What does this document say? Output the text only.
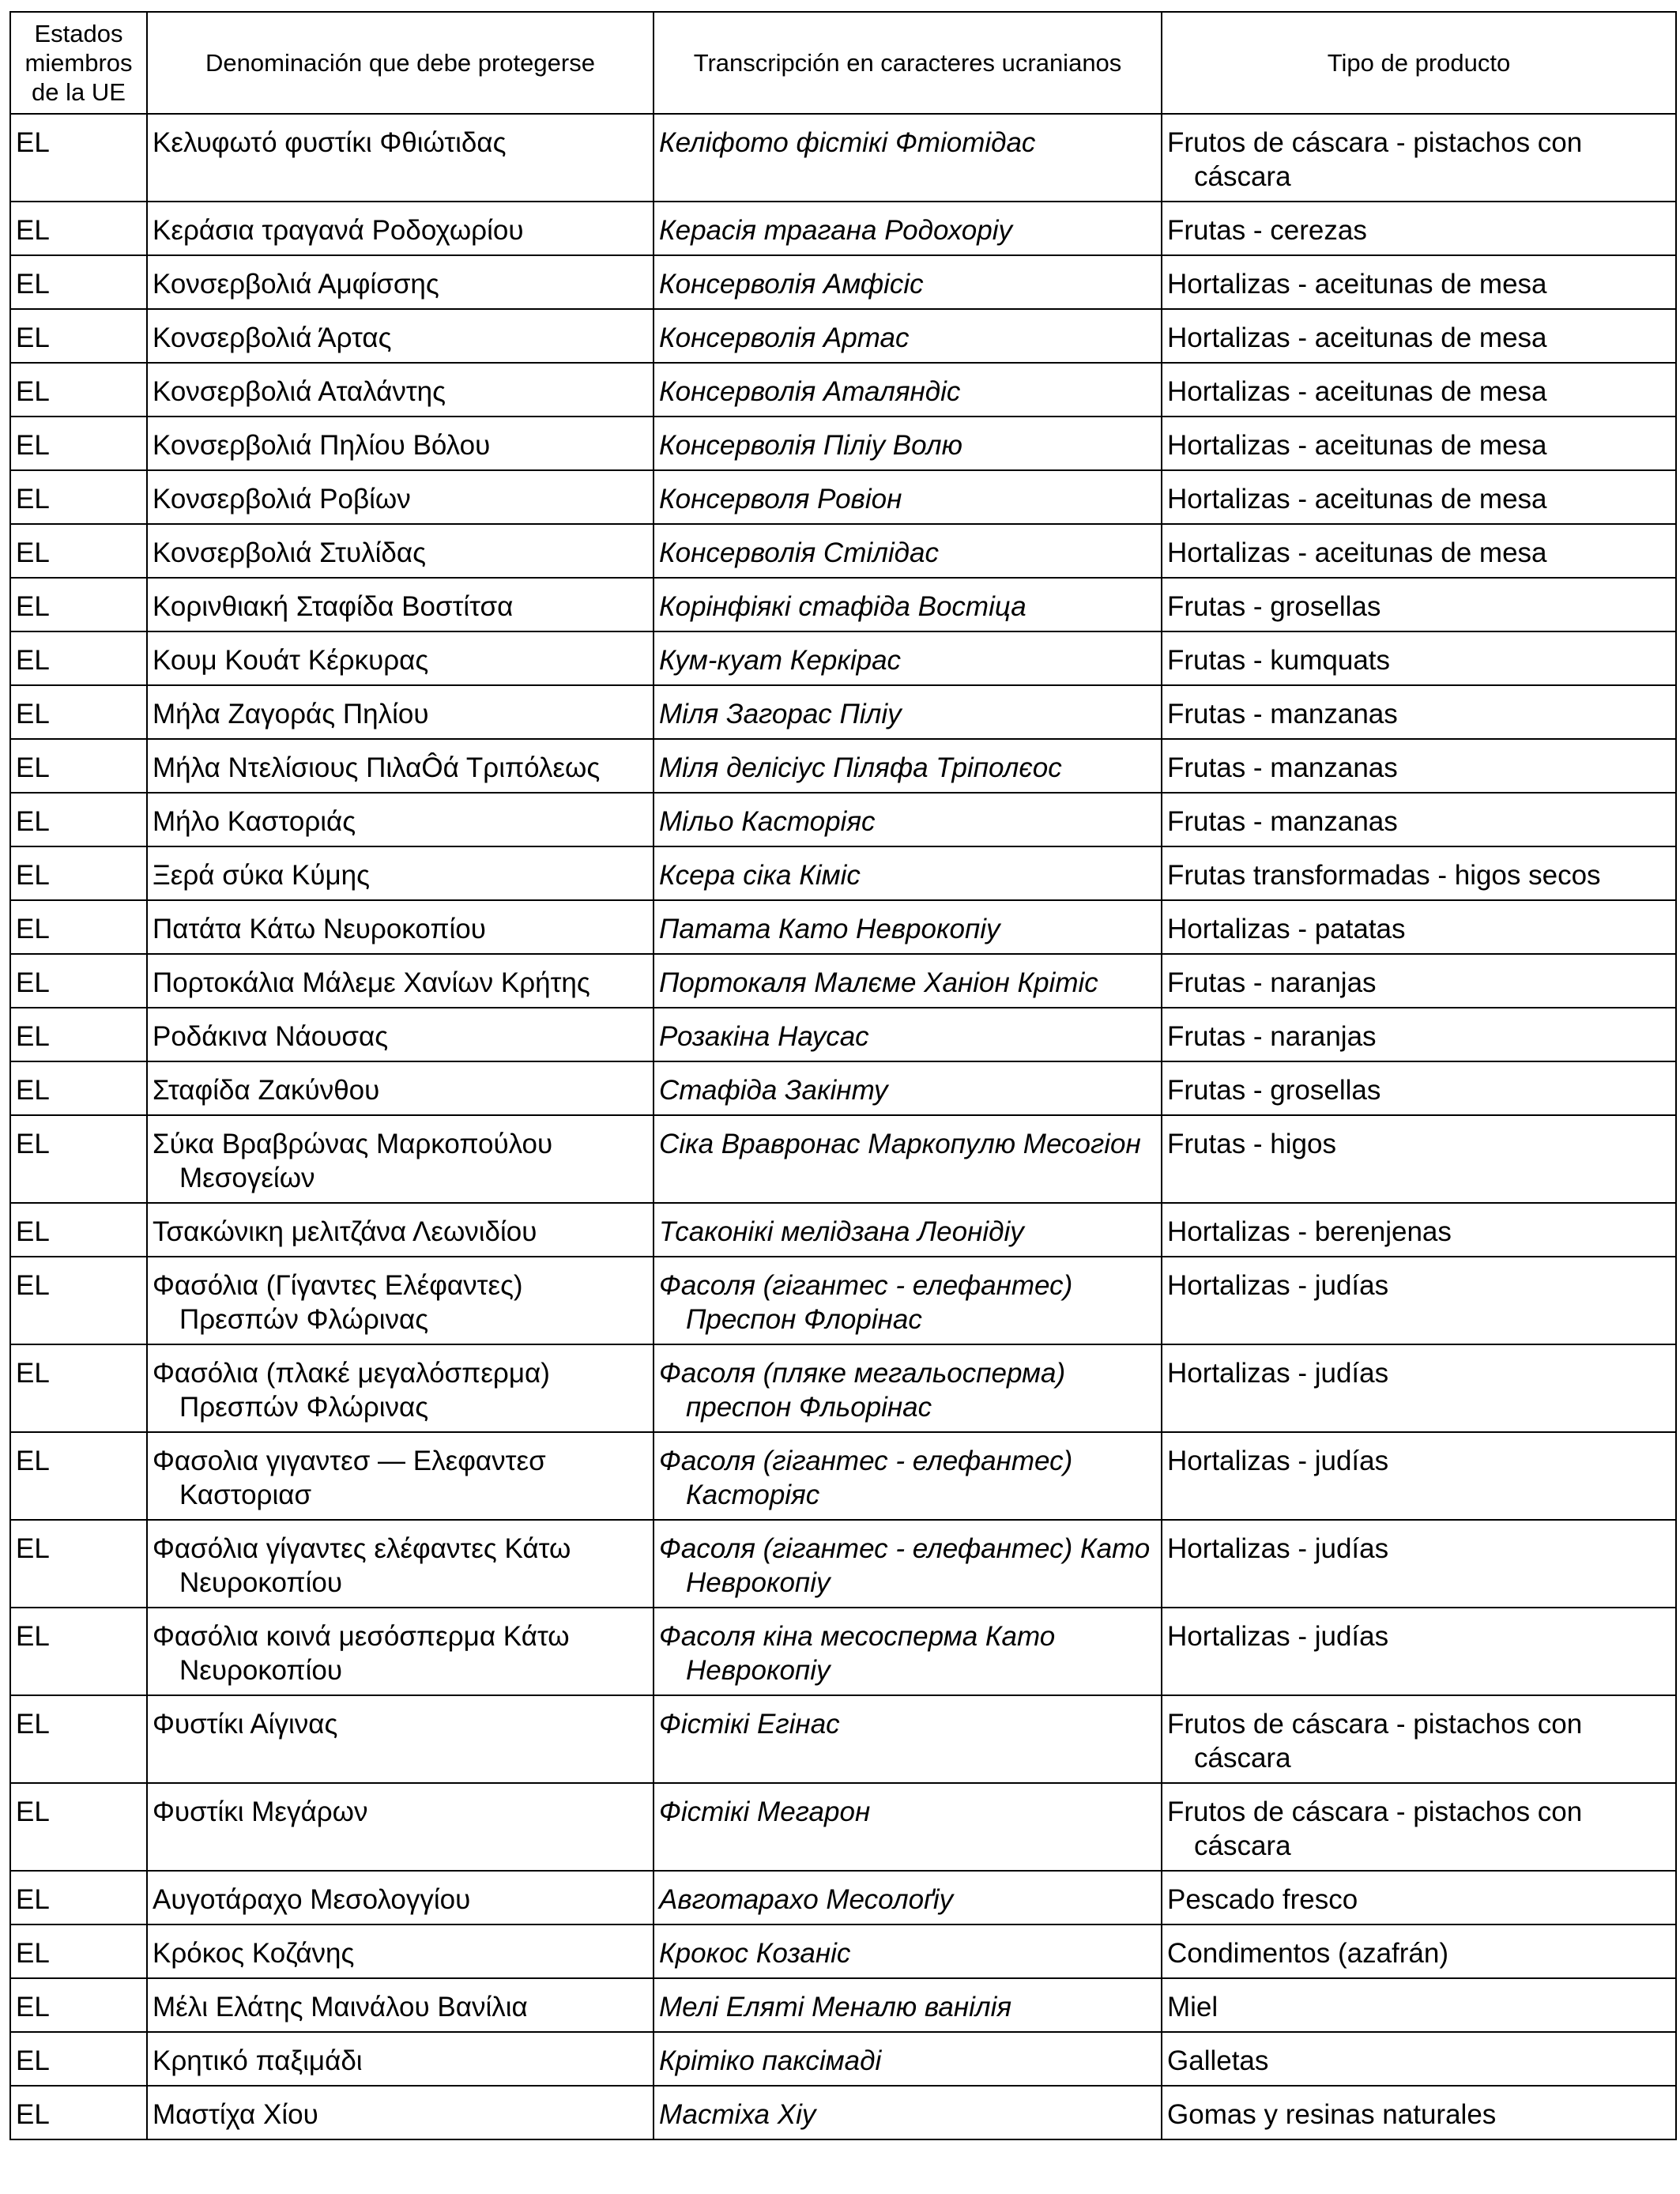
Estados miembros de la UE	Denominación que debe protegerse	Transcripción en caracteres ucranianos	Tipo de producto
EL	Κελυφωτό φυστίκι Φθιώτιδας	Келіфото фістікі Фтіотідас	Frutos de cáscara - pistachos con cáscara

EL	Κεράσια τραγανά Ροδοχωρίου	Керасія трагана Родохоріу	Frutas - cerezas

EL	Κονσερβολιά Αμφίσσης	Консерволія Амфісіс	Hortalizas - aceitunas de mesa

EL	Κονσερβολιά Άρτας	Консерволія Артас	Hortalizas - aceitunas de mesa

EL	Κονσερβολιά Αταλάντης	Консерволія Аталяндіс	Hortalizas - aceitunas de mesa

EL	Κονσερβολιά Πηλίου Βόλου	Консерволія Пілiу Волю	Hortalizas - aceitunas de mesa

EL	Κονσερβολιά Ροβίων	Консерволя Ровіон	Hortalizas - aceitunas de mesa

EL	Κονσερβολιά Στυλίδας	Консерволія Стілідас	Hortalizas - aceitunas de mesa

EL	Κορινθιακή Σταφίδα Βοστίτσα	Корінфіякі стафіда Востіца	Frutas - grosellas

EL	Κουμ Κουάτ Κέρκυρας	Кум-куат Керкірас	Frutas - kumquats

EL	Μήλα Ζαγοράς Πηλίου	Міля Загорас Пілiу	Frutas - manzanas

EL	Μήλα Ντελίσιους ΠιλαÔά Τριπόλεως	Міля делісіус Піляфа Тріполєос	Frutas - manzanas

EL	Μήλο Καστοριάς	Мільо Касторіяс	Frutas - manzanas

EL	Ξερά σύκα Κύμης	Ксера сіка Кіміс	Frutas transformadas - higos secos

EL	Πατάτα Κάτω Νευροκοπίου	Патата Като Неврокопіу	Hortalizas - patatas

EL	Πορτοκάλια Μάλεμε Χανίων Κρήτης	Портокаля Малєме Ханіон Крітіс	Frutas - naranjas

EL	Ροδάκινα Νάουσας	Розакіна Наусас	Frutas - naranjas

EL	Σταφίδα Ζακύνθου	Стафіда Закінту	Frutas - grosellas

EL	Σύκα Βραβρώνας Μαρκοπούλου Μεσογείων	Сіка Вравронас Маркопулю Месогіон	Frutas - higos

EL	Τσακώνικη μελιτζάνα Λεωνιδίου	Тсаконікі мелідзана Леонідіу	Hortalizas - berenjenas

EL	Φασόλια (Γίγαντες Ελέφαντες) Πρεσπών Φλώρινας	Фасоля (гігантес - елефантес) Преспон Флорінас	Hortalizas - judías

EL	Φασόλια (πλακέ μεγαλόσπερμα) Πρεσπών Φλώρινας	Фасоля (пляке мегальосперма) преспон Фльорінас	Hortalizas - judías

EL	Φασολια γιγαντεσ — Ελεφαντεσ Καστοριασ	Фасоля (гігантес - елефантес) Касторіяс	Hortalizas - judías

EL	Φασόλια γίγαντες ελέφαντες Κάτω Νευροκοπίου	Фасоля (гігантес - елефантес) Като Неврокопіу	Hortalizas - judías

EL	Φασόλια κοινά μεσόσπερμα Κάτω Νευροκοπίου	Фасоля кіна месосперма Като Неврокопіу	Hortalizas - judías

EL	Φυστίκι Αίγινας	Фістікі Егінас	Frutos de cáscara - pistachos con cáscara

EL	Φυστίκι Μεγάρων	Фістікі Мегарон	Frutos de cáscara - pistachos con cáscara

EL	Αυγοτάραχο Μεσολογγίου	Авготарахо Месолоґіу	Pescado fresco

EL	Κρόκος Κοζάνης	Крокос Козаніс	Condimentos (azafrán)

EL	Μέλι Ελάτης Μαινάλου Βανίλια	Мелі Еляті Меналю ванілія	Miel

EL	Κρητικό παξιμάδι	Крітіко паксімаді	Galletas

EL	Μαστίχα Χίου	Мастіха Хіу	Gomas y resinas naturales
